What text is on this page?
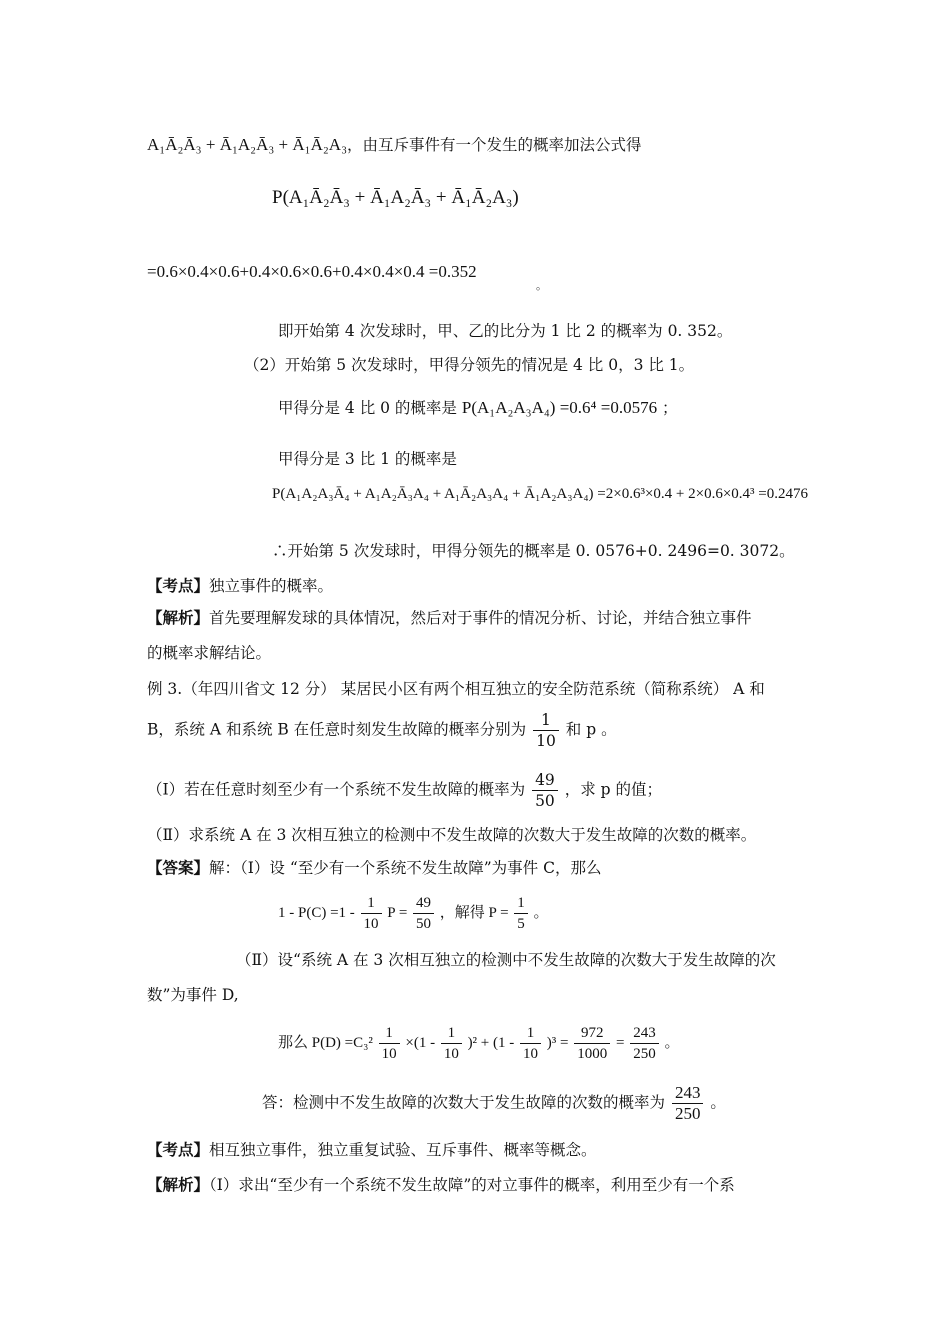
A₁Ā₂Ā₃ + Ā₁A₂Ā₃ + Ā₁Ā₂A₃，由互斥事件有一个发生的概率加法公式得
P(A₁Ā₂Ā₃ + Ā₁A₂Ā₃ + Ā₁Ā₂A₃)
=0.6×0.4×0.6+0.4×0.6×0.6+0.4×0.4×0.4 =0.352
。
即开始第 4 次发球时，甲、乙的比分为 1 比 2 的概率为 0. 352。
（2）开始第 5 次发球时，甲得分领先的情况是 4 比 0，3 比 1。
甲得分是 4 比 0 的概率是 P(A₁A₂A₃A₄) =0.6⁴ =0.0576 ；
甲得分是 3 比 1 的概率是
P(A₁A₂A₃Ā₄ + A₁A₂Ā₃A₄ + A₁Ā₂A₃A₄ + Ā₁A₂A₃A₄) =2×0.6³×0.4 + 2×0.6×0.4³ =0.2476
∴开始第 5 次发球时，甲得分领先的概率是 0. 0576+0. 2496=0. 3072。
【考点】独立事件的概率。
【解析】首先要理解发球的具体情况，然后对于事件的情况分析、讨论，并结合独立事件
的概率求解结论。
例 3.（年四川省文 12 分） 某居民小区有两个相互独立的安全防范系统（简称系统） A 和
B，系统 A 和系统 B 在任意时刻发生故障的概率分别为 $\frac{1}{10}$ 和 p 。
（Ⅰ）若在任意时刻至少有一个系统不发生故障的概率为 $\frac{49}{50}$ ，求 p 的值；
（Ⅱ）求系统 A 在 3 次相互独立的检测中不发生故障的次数大于发生故障的次数的概率。
【答案】解：（Ⅰ）设 “至少有一个系统不发生故障”为事件 C，那么
$1 - P(C) =1 - \frac{1}{10}$ $P = \frac{49}{50}$ ，解得 $P = \frac{1}{5}$ 。
（Ⅱ）设“系统 A 在 3 次相互独立的检测中不发生故障的次数大于发生故障的次
数”为事件 D,
那么 $P(D) =C_3^2 \frac{1}{10} \times(1 - \frac{1}{10} )^2 + (1 - \frac{1}{10} )^3 = \frac{972}{1000} = \frac{243}{250}$ 。
答：检测中不发生故障的次数大于发生故障的次数的概率为 $\frac{243}{250}$ 。
【考点】相互独立事件，独立重复试验、互斥事件、概率等概念。
【解析】（Ⅰ）求出“至少有一个系统不发生故障”的对立事件的概率，利用至少有一个系
